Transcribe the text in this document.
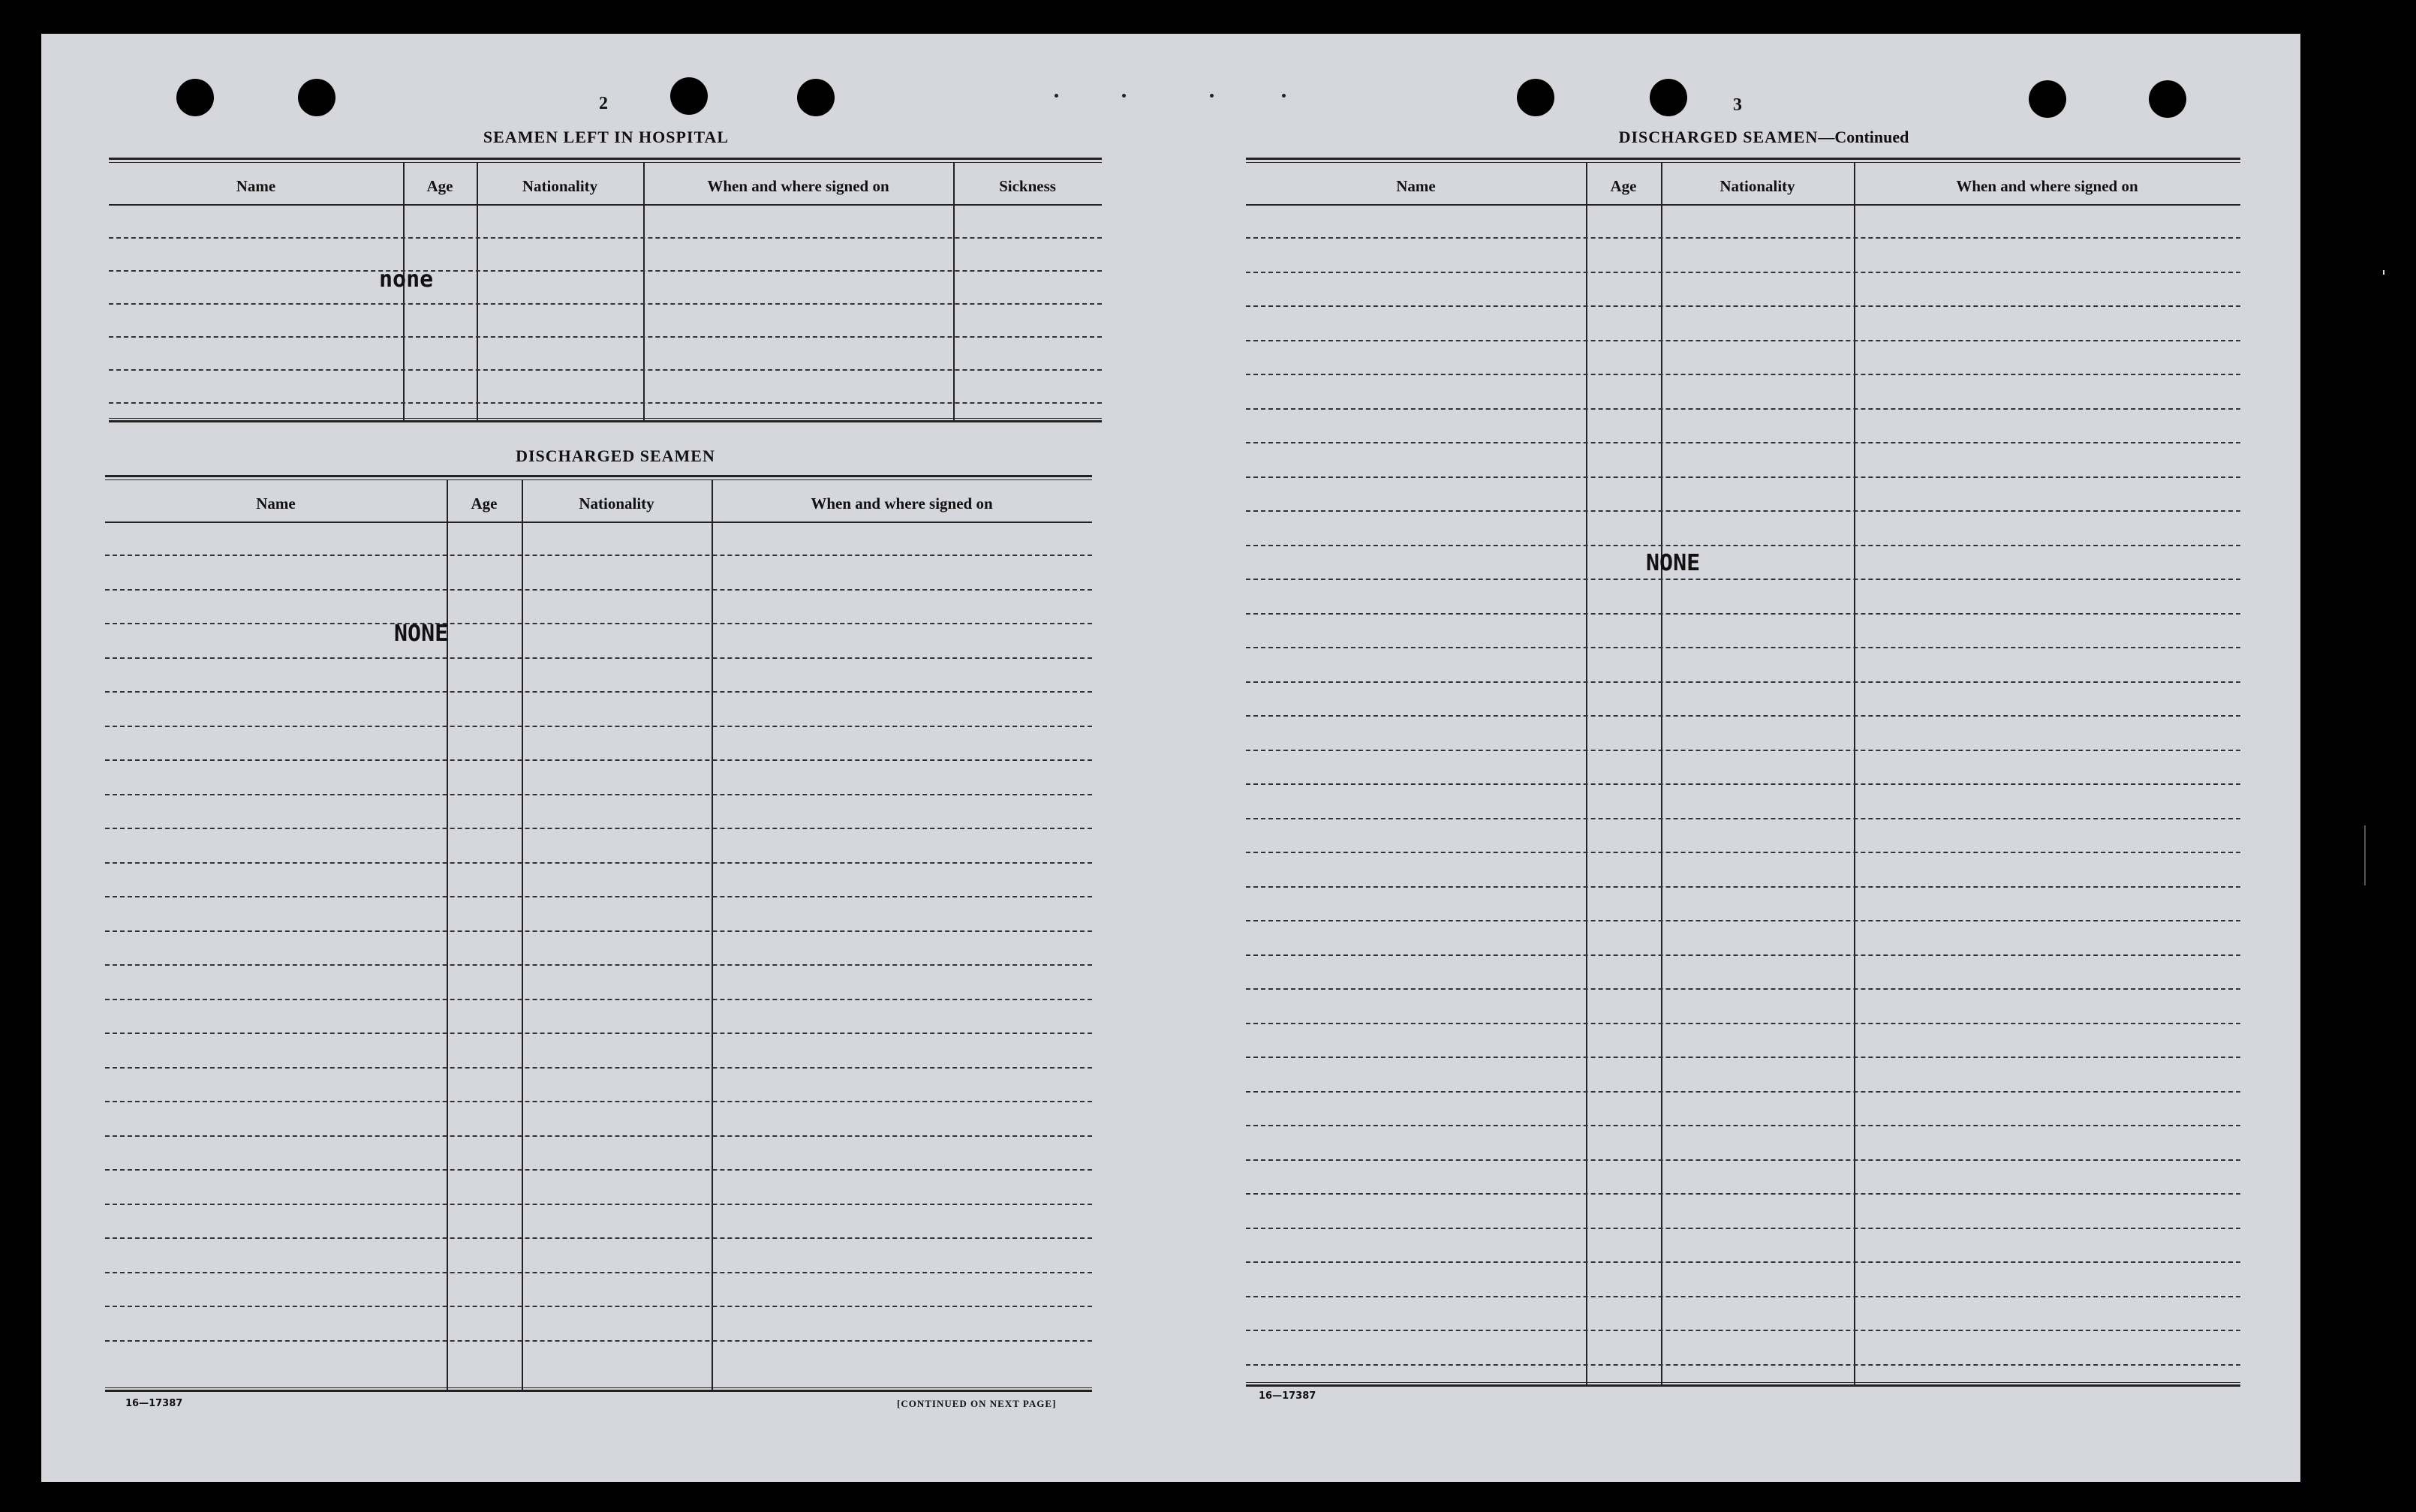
2
SEAMEN LEFT IN HOSPITAL
Name	Age	Nationality	When and where signed on	Sickness
none
DISCHARGED SEAMEN
Name	Age	Nationality	When and where signed on
NONE
16—17387	[CONTINUED ON NEXT PAGE]
3
DISCHARGED SEAMEN—Continued
Name	Age	Nationality	When and where signed on
NONE
16—17387
